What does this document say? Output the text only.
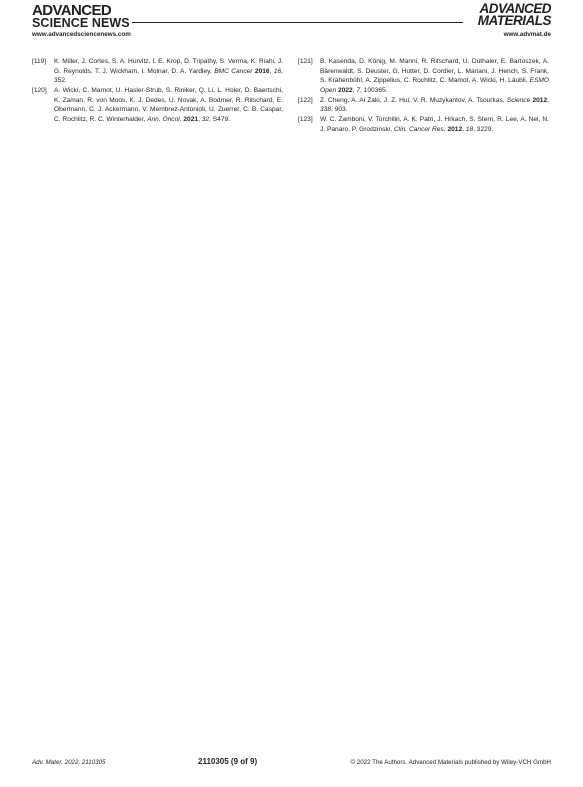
ADVANCED
SCIENCE NEWS
ADVANCED
MATERIALS
www.advancedsciencenews.com	www.advmat.de
[119] K. Miller, J. Cortes, S. A. Hurvitz, I. E. Krop, D. Tripathy, S. Verma, K. Riahi, J. G. Reynolds, T. J. Wickham, I. Molnar, D. A. Yardley, BMC Cancer 2016, 16, 352.
[120] A. Wicki, C. Mamot, U. Hasler-Strub, S. Riniker, Q. Li, L. Holer, D. Baertschi, K. Zaman, R. von Moos, K. J. Dedes, U. Novak, A. Bodmer, R. Ritschard, E. Obermann, C. J. Ackermann, V. Membrez-Antonioli, U. Zuerrer, C. B. Caspar, C. Rochlitz, R. C. Winterhalder, Ann. Oncol. 2021, 32, S479.
[121] B. Kasenda, D. König, M. Manni, R. Ritschard, U. Duthaler, E. Bartoszek, A. Bärenwaldt, S. Deuster, G. Hutter, D. Cordier, L. Mariani, J. Hench, S. Frank, S. Krähenbühl, A. Zippelius, C. Rochlitz, C. Mamot, A. Wicki, H. Läubli, ESMO Open 2022, 7, 100365.
[122] Z. Cheng, A. Al Zaki, J. Z. Hui, V. R. Muzykantov, A. Tsourkas, Science 2012, 338, 903.
[123] W. C. Zamboni, V. Torchilin, A. K. Patri, J. Hrkach, S. Stern, R. Lee, A. Nel, N. J. Panaro, P. Grodzinski, Clin. Cancer Res. 2012, 18, 3229.
Adv. Mater. 2022, 2110305	2110305 (9 of 9)	© 2022 The Authors. Advanced Materials published by Wiley-VCH GmbH
